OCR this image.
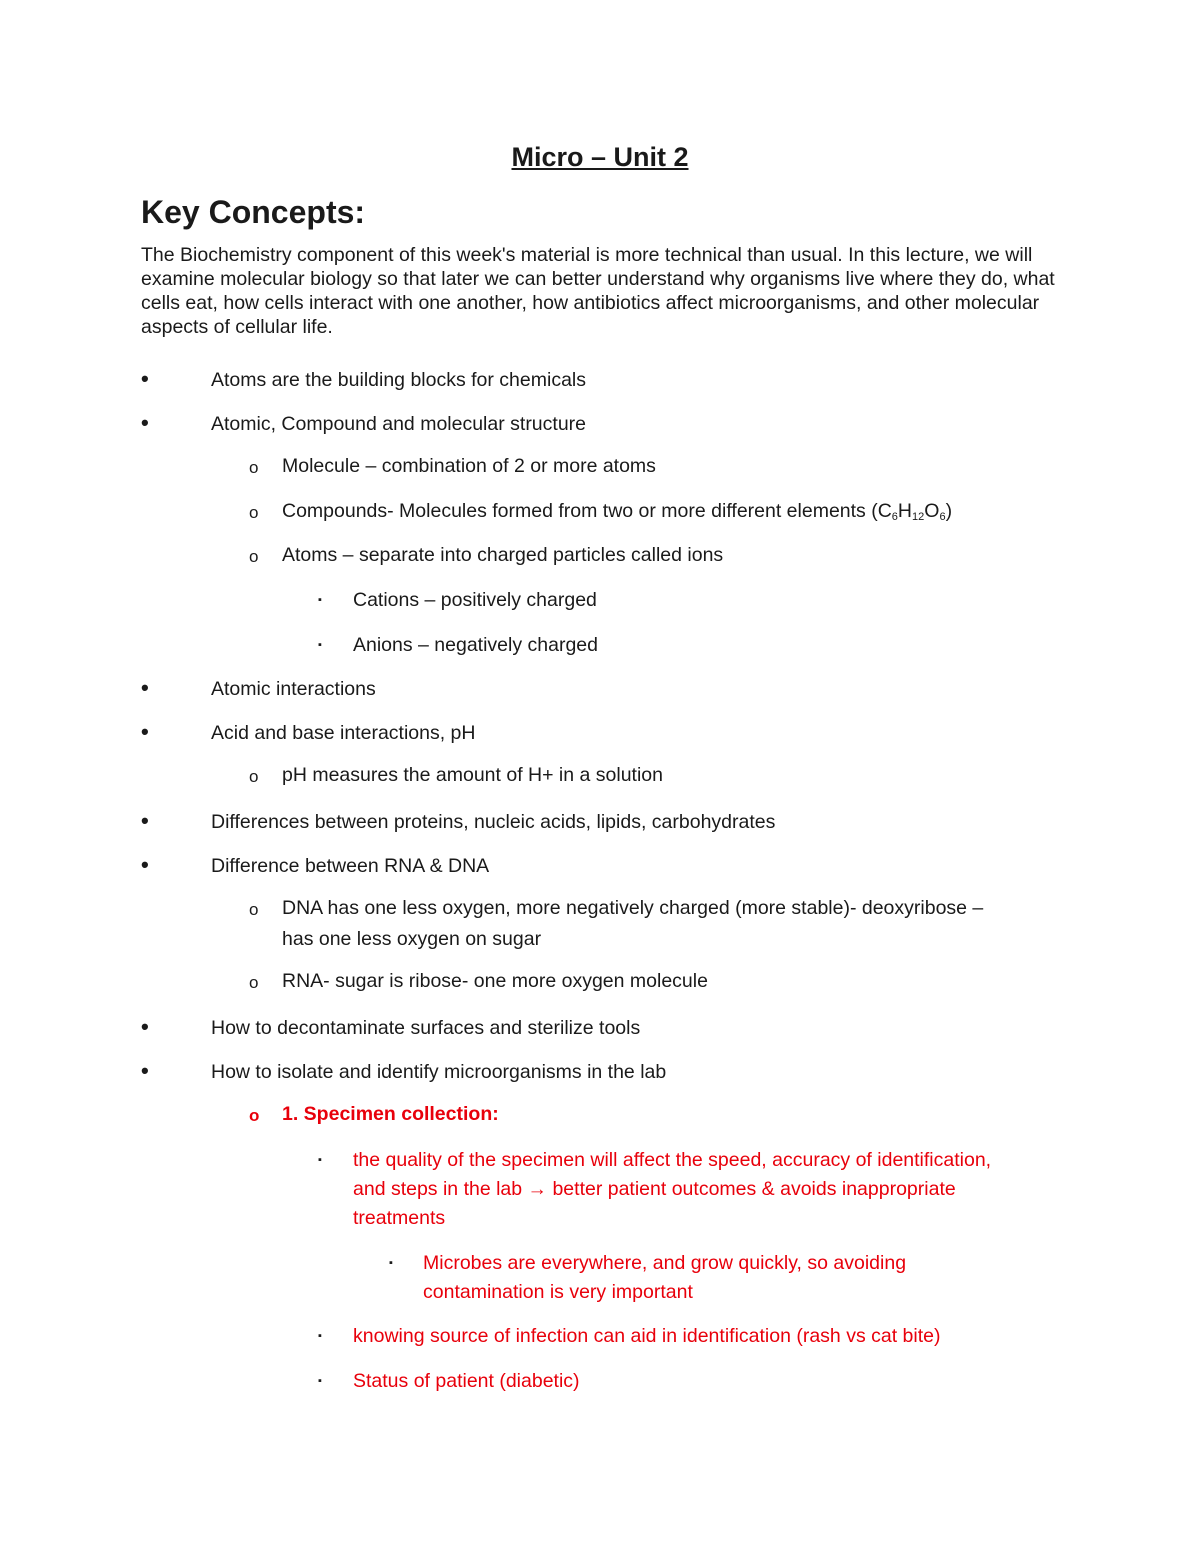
Micro – Unit 2
Key Concepts:
The Biochemistry component of this week's material is more technical than usual. In this lecture, we will examine molecular biology so that later we can better understand why organisms live where they do, what cells eat, how cells interact with one another, how antibiotics affect microorganisms, and other molecular aspects of cellular life.
•	Atoms are the building blocks for chemicals
•	Atomic, Compound and molecular structure
o Molecule – combination of 2 or more atoms
o Compounds- Molecules formed from two or more different elements $(C_6H_{12}O_6)$
o Atoms – separate into charged particles called ions
▪ Cations – positively charged
▪ Anions – negatively charged
•	Atomic interactions
•	Acid and base interactions, pH
o pH measures the amount of H+ in a solution
•	Differences between proteins, nucleic acids, lipids, carbohydrates
•	Difference between RNA & DNA
o DNA has one less oxygen, more negatively charged (more stable)- deoxyribose –
has one less oxygen on sugar
o RNA- sugar is ribose- one more oxygen molecule
•	How to decontaminate surfaces and sterilize tools
•	How to isolate and identify microorganisms in the lab
o 1. Specimen collection:
▪ the quality of the specimen will affect the speed, accuracy of identification,
and steps in the lab → better patient outcomes & avoids inappropriate
treatments
▪ Microbes are everywhere, and grow quickly, so avoiding
contamination is very important
▪ knowing source of infection can aid in identification (rash vs cat bite)
▪ Status of patient (diabetic)
